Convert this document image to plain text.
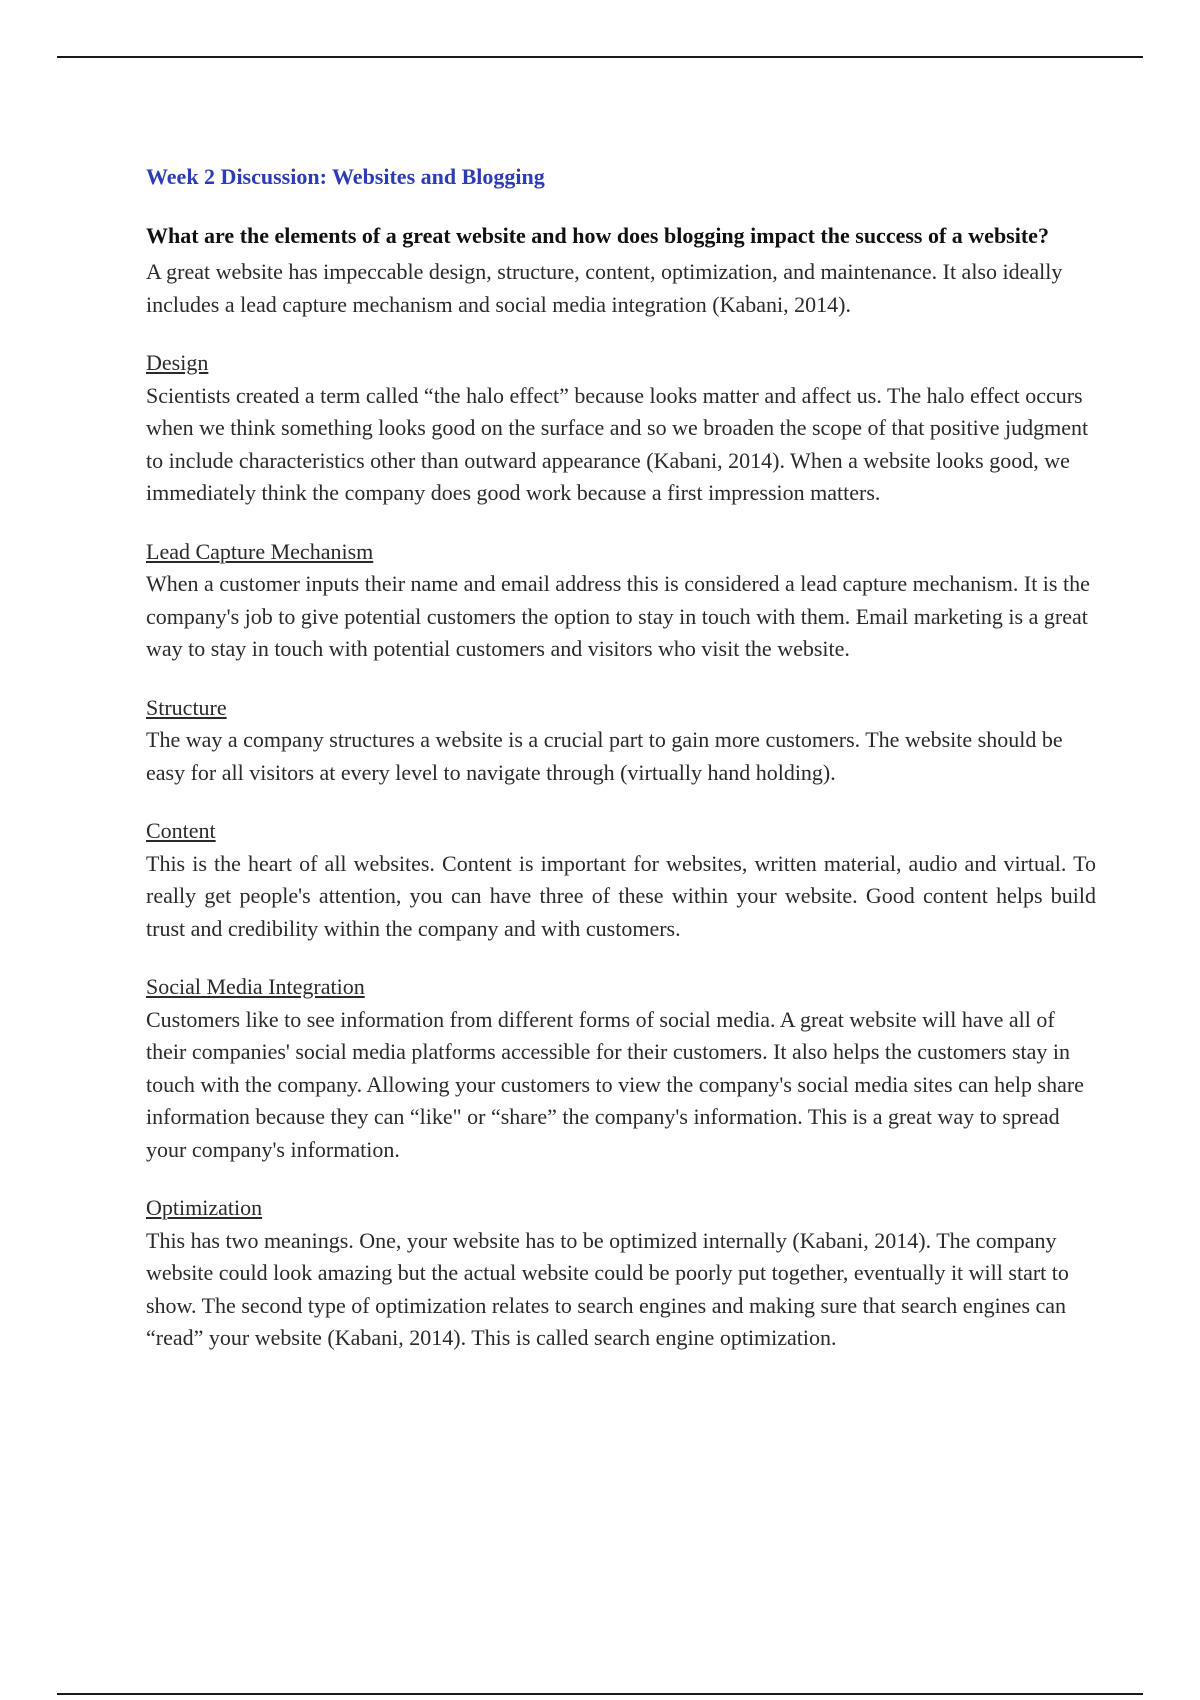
Week 2 Discussion: Websites and Blogging

What are the elements of a great website and how does blogging impact the success of a website?

A great website has impeccable design, structure, content, optimization, and maintenance. It also ideally includes a lead capture mechanism and social media integration (Kabani, 2014).

Design

Scientists created a term called “the halo effect” because looks matter and affect us. The halo effect occurs when we think something looks good on the surface and so we broaden the scope of that positive judgment to include characteristics other than outward appearance (Kabani, 2014). When a website looks good, we immediately think the company does good work because a first impression matters.

Lead Capture Mechanism

When a customer inputs their name and email address this is considered a lead capture mechanism. It is the company's job to give potential customers the option to stay in touch with them. Email marketing is a great way to stay in touch with potential customers and visitors who visit the website.

Structure

The way a company structures a website is a crucial part to gain more customers. The website should be easy for all visitors at every level to navigate through (virtually hand holding).

Content

This is the heart of all websites. Content is important for websites, written material, audio and virtual. To really get people's attention, you can have three of these within your website. Good content helps build trust and credibility within the company and with customers.

Social Media Integration

Customers like to see information from different forms of social media. A great website will have all of their companies' social media platforms accessible for their customers. It also helps the customers stay in touch with the company. Allowing your customers to view the company's social media sites can help share information because they can “like" or “share” the company's information. This is a great way to spread your company's information.

Optimization

This has two meanings. One, your website has to be optimized internally (Kabani, 2014). The company website could look amazing but the actual website could be poorly put together, eventually it will start to show. The second type of optimization relates to search engines and making sure that search engines can “read” your website (Kabani, 2014). This is called search engine optimization.
